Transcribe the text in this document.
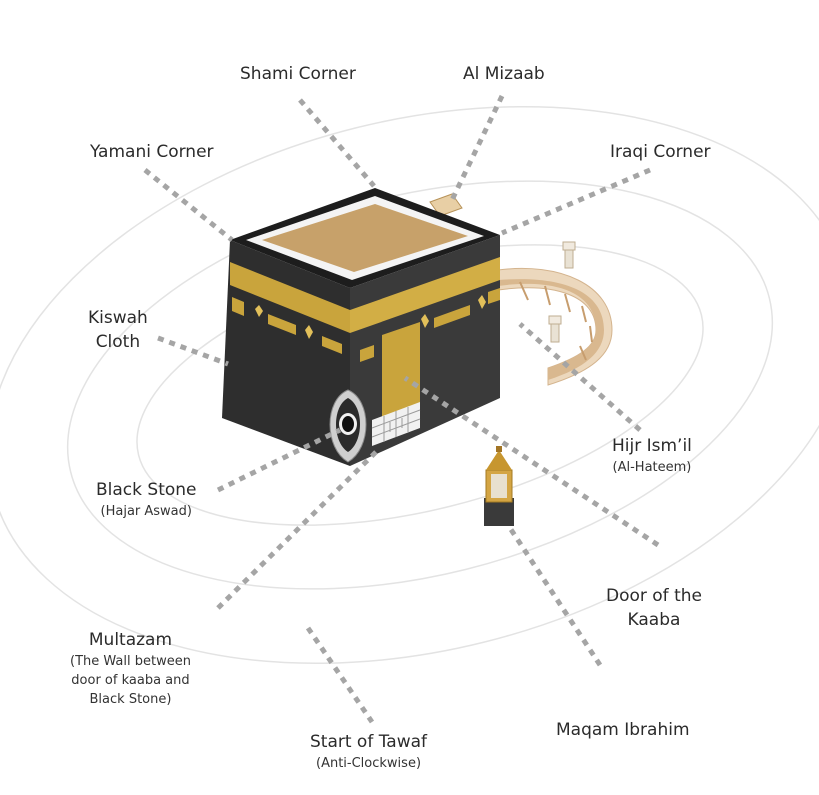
Shami Corner	Al Mizaab
Yamani Corner	Iraqi Corner
Kiswah
Cloth
Hijr Ism’il
(Al-Hateem)
Black Stone
(Hajar Aswad)
Door of the
Kaaba
Multazam
(The Wall between
door of kaaba and
Black Stone)
Start of Tawaf
(Anti-Clockwise)
Maqam Ibrahim
